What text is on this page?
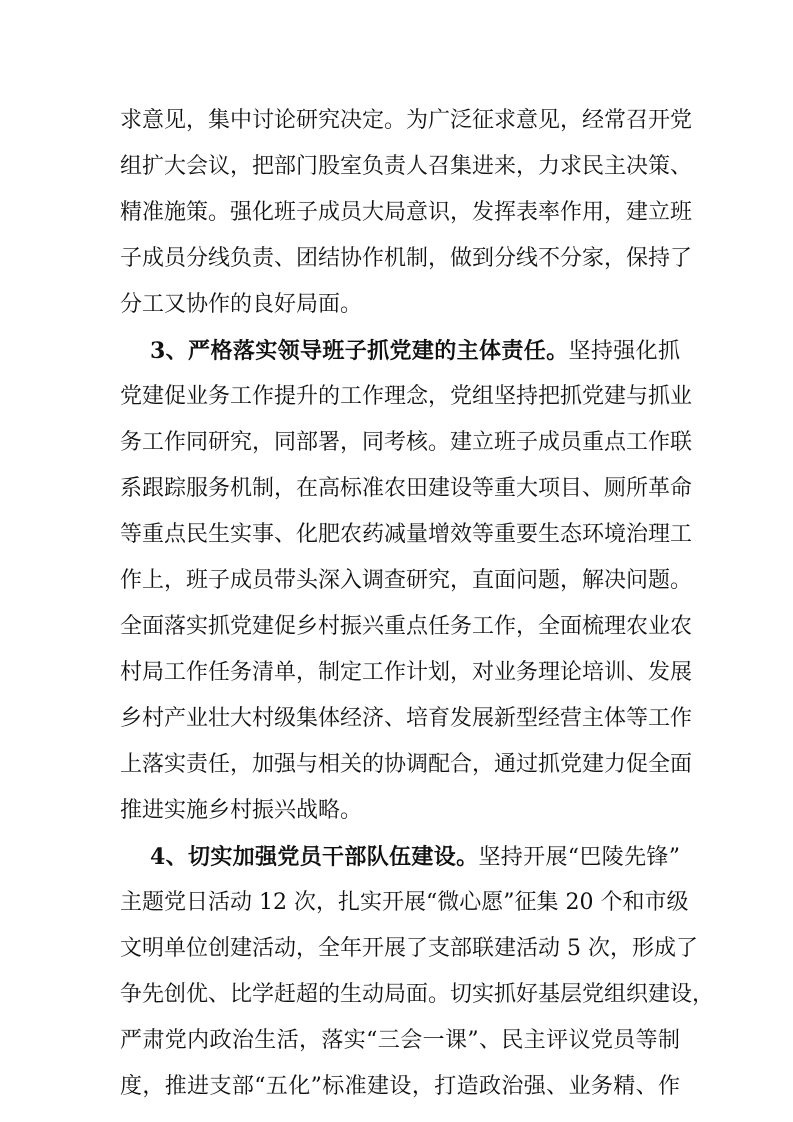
求意见，集中讨论研究决定。为广泛征求意见，经常召开党
组扩大会议，把部门股室负责人召集进来，力求民主决策、
精准施策。强化班子成员大局意识，发挥表率作用，建立班
子成员分线负责、团结协作机制，做到分线不分家，保持了
分工又协作的良好局面。
3、严格落实领导班子抓党建的主体责任。坚持强化抓
党建促业务工作提升的工作理念，党组坚持把抓党建与抓业
务工作同研究，同部署，同考核。建立班子成员重点工作联
系跟踪服务机制，在高标准农田建设等重大项目、厕所革命
等重点民生实事、化肥农药减量增效等重要生态环境治理工
作上，班子成员带头深入调查研究，直面问题，解决问题。
全面落实抓党建促乡村振兴重点任务工作，全面梳理农业农
村局工作任务清单，制定工作计划，对业务理论培训、发展
乡村产业壮大村级集体经济、培育发展新型经营主体等工作
上落实责任，加强与相关的协调配合，通过抓党建力促全面
推进实施乡村振兴战略。
4、切实加强党员干部队伍建设。坚持开展“巴陵先锋”
主题党日活动 12 次，扎实开展“微心愿”征集 20 个和市级
文明单位创建活动，全年开展了支部联建活动 5 次，形成了
争先创优、比学赶超的生动局面。切实抓好基层党组织建设，
严肃党内政治生活，落实“三会一课”、民主评议党员等制
度，推进支部“五化”标准建设，打造政治强、业务精、作
